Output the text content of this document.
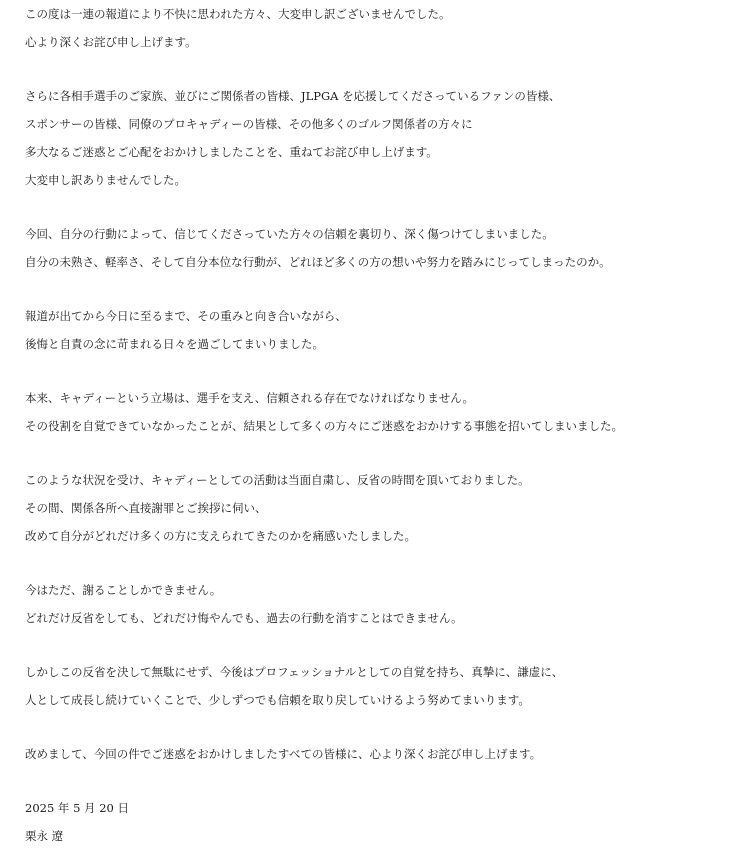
この度は一連の報道により不快に思われた方々、大変申し訳ございませんでした。
心より深くお詫び申し上げます。
さらに各相手選手のご家族、並びにご関係者の皆様、JLPGA を応援してくださっているファンの皆様、
スポンサーの皆様、同僚のプロキャディーの皆様、その他多くのゴルフ関係者の方々に
多大なるご迷惑とご心配をおかけしましたことを、重ねてお詫び申し上げます。
大変申し訳ありませんでした。
今回、自分の行動によって、信じてくださっていた方々の信頼を裏切り、深く傷つけてしまいました。
自分の未熟さ、軽率さ、そして自分本位な行動が、どれほど多くの方の想いや努力を踏みにじってしまったのか。
報道が出てから今日に至るまで、その重みと向き合いながら、
後悔と自責の念に苛まれる日々を過ごしてまいりました。
本来、キャディーという立場は、選手を支え、信頼される存在でなければなりません。
その役割を自覚できていなかったことが、結果として多くの方々にご迷惑をおかけする事態を招いてしまいました。
このような状況を受け、キャディーとしての活動は当面自粛し、反省の時間を頂いておりました。
その間、関係各所へ直接謝罪とご挨拶に伺い、
改めて自分がどれだけ多くの方に支えられてきたのかを痛感いたしました。
今はただ、謝ることしかできません。
どれだけ反省をしても、どれだけ悔やんでも、過去の行動を消すことはできません。
しかしこの反省を決して無駄にせず、今後はプロフェッショナルとしての自覚を持ち、真摯に、謙虚に、
人として成長し続けていくことで、少しずつでも信頼を取り戻していけるよう努めてまいります。
改めまして、今回の件でご迷惑をおかけしましたすべての皆様に、心より深くお詫び申し上げます。
2025 年 5 月 20 日
栗永 遼
